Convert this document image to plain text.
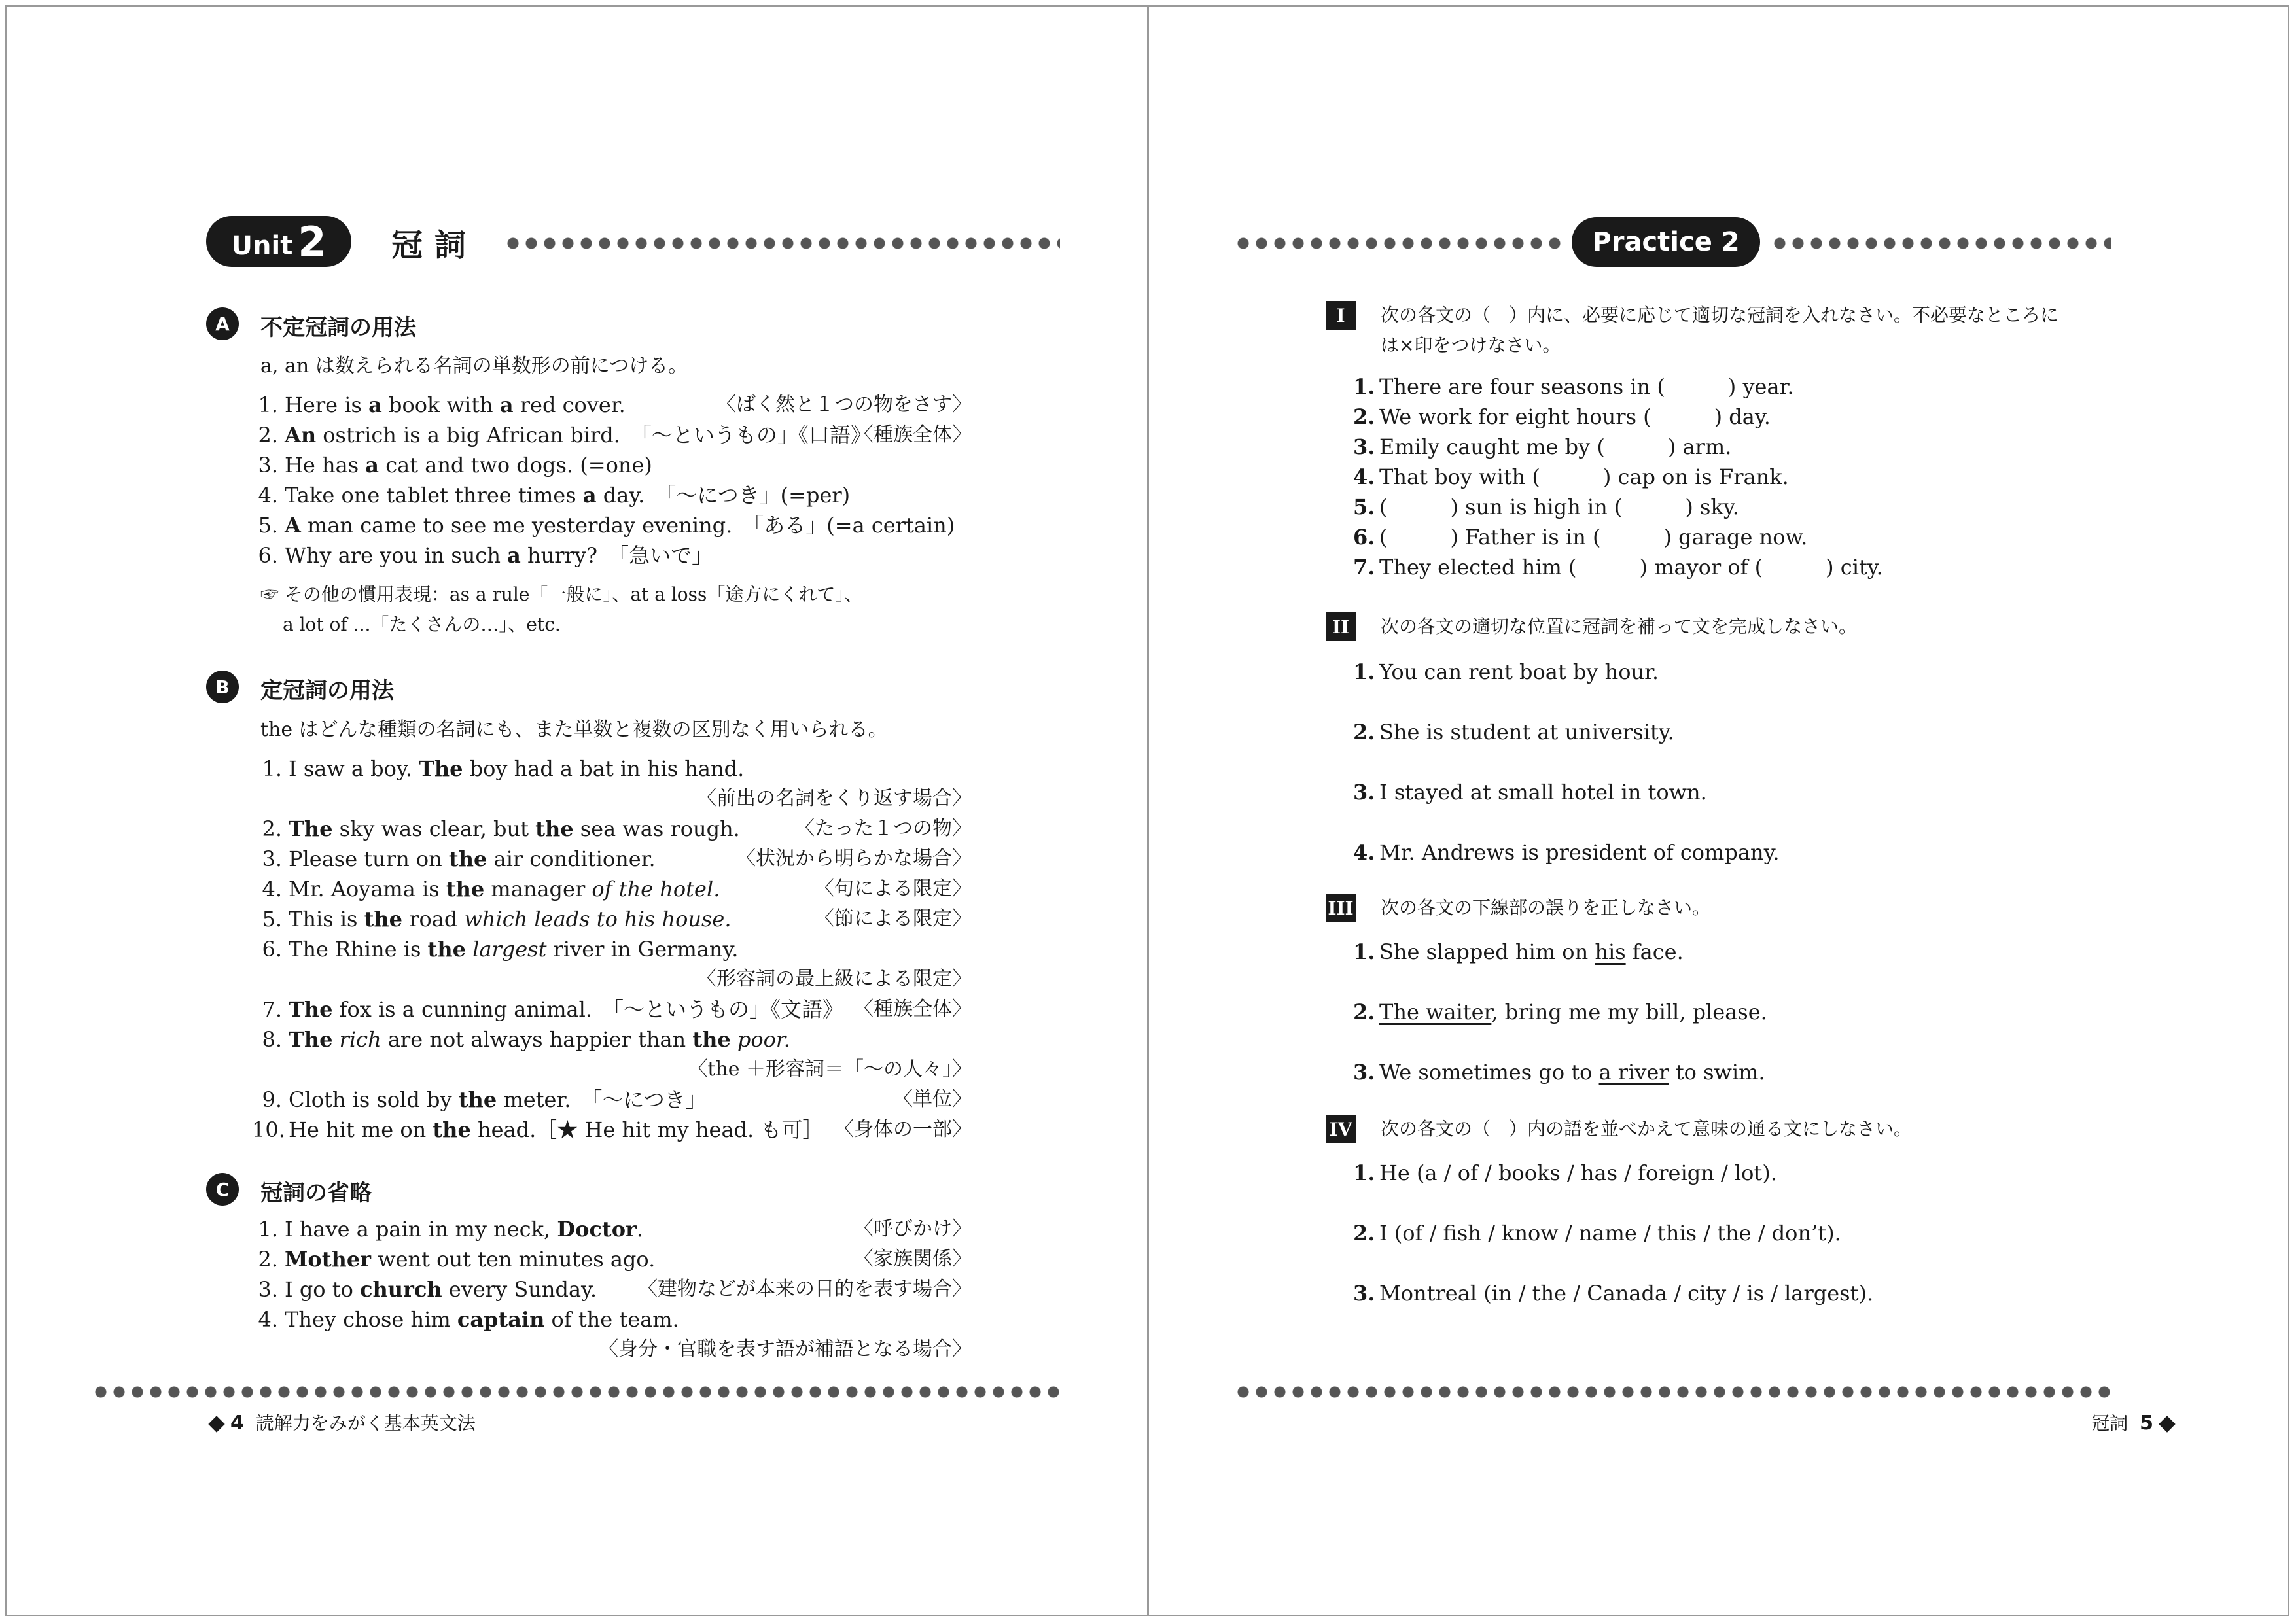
Unit 2 冠詞
A	不定冠詞の用法
a, an は数えられる名詞の単数形の前につける。
1. Here is a book with a red cover.	〈ばく然と１つの物をさす〉
2. An ostrich is a big African bird.　「〜というもの」《口語》
〈種族全体〉
3. He has a cat and two dogs. (=one)
4. Take one tablet three times a day.　「〜につき」(=per)
5. A man came to see me yesterday evening.　「ある」(=a certain)
6. Why are you in such a hurry?　「急いで」
☞ その他の慣用表現：as a rule「一般に」、at a loss「途方にくれて」、
a lot of ...「たくさんの…」、etc.
B	定冠詞の用法
the はどんな種類の名詞にも、また単数と複数の区別なく用いられる。
1. I saw a boy. The boy had a bat in his hand.
〈前出の名詞をくり返す場合〉
2. The sky was clear, but the sea was rough.	〈たった１つの物〉
3. Please turn on the air conditioner.	〈状況から明らかな場合〉
4. Mr. Aoyama is the manager of the hotel.	〈句による限定〉
5. This is the road which leads to his house.	〈節による限定〉
6. The Rhine is the largest river in Germany.
〈形容詞の最上級による限定〉
7. The fox is a cunning animal.　「〜というもの」《文語》 〈種族全体〉
8. The rich are not always happier than the poor.
〈the ＋形容詞＝「〜の人々」〉
9. Cloth is sold by the meter.　「〜につき」	〈単位〉
10. He hit me on the head.［★ He hit my head. も可］ 〈身体の一部〉
C	冠詞の省略
1. I have a pain in my neck, Doctor.	〈呼びかけ〉
2. Mother went out ten minutes ago.	〈家族関係〉
3. I go to church every Sunday. 〈建物などが本来の目的を表す場合〉
4. They chose him captain of the team.
〈身分・官職を表す語が補語となる場合〉
4 読解力をみがく基本英文法
Practice 2
I	次の各文の（　）内に、必要に応じて適切な冠詞を入れなさい。不必要なところに
は×印をつけなさい。
1. There are four seasons in (　　　) year.
2. We work for eight hours (　　　) day.
3. Emily caught me by (　　　) arm.
4. That boy with (　　　) cap on is Frank.
5. (　　　) sun is high in (　　　) sky.
6. (　　　) Father is in (　　　) garage now.
7. They elected him (　　　) mayor of (　　　) city.
II	次の各文の適切な位置に冠詞を補って文を完成しなさい。
1. You can rent boat by hour.
2. She is student at university.
3. I stayed at small hotel in town.
4. Mr. Andrews is president of company.
III 次の各文の下線部の誤りを正しなさい。
1. She slapped him on his face.
2. The waiter, bring me my bill, please.
3. We sometimes go to a river to swim.
IV 次の各文の（　）内の語を並べかえて意味の通る文にしなさい。
1. He (a / of / books / has / foreign / lot).
2. I (of / fish / know / name / this / the / don’t).
3. Montreal (in / the / Canada / city / is / largest).
冠詞 5
